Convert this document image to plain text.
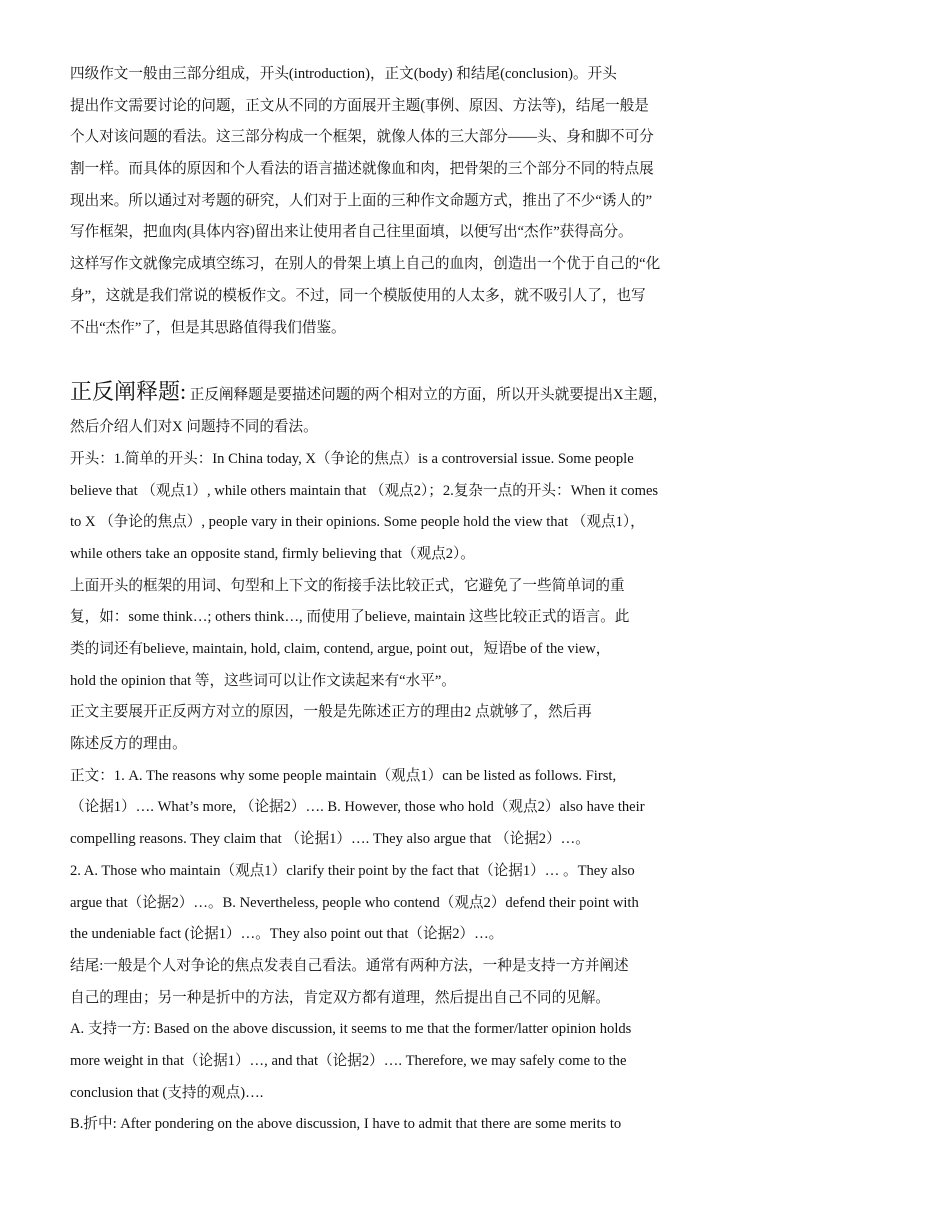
四级作文一般由三部分组成，开头(introduction)，正文(body) 和结尾(conclusion)。开头
提出作文需要讨论的问题，正文从不同的方面展开主题(事例、原因、方法等)，结尾一般是
个人对该问题的看法。这三部分构成一个框架，就像人体的三大部分——头、身和脚不可分
割一样。而具体的原因和个人看法的语言描述就像血和肉，把骨架的三个部分不同的特点展
现出来。所以通过对考题的研究，人们对于上面的三种作文命题方式，推出了不少“诱人的”
写作框架，把血肉(具体内容)留出来让使用者自己往里面填，以便写出“杰作”获得高分。
这样写作文就像完成填空练习，在别人的骨架上填上自己的血肉，创造出一个优于自己的“化
身”，这就是我们常说的模板作文。不过，同一个模版使用的人太多，就不吸引人了，也写
不出“杰作”了，但是其思路值得我们借鉴。
正反阐释题: 正反阐释题是要描述问题的两个相对立的方面，所以开头就要提出X主题，
然后介绍人们对X 问题持不同的看法。
开头：1.简单的开头：In China today, X（争论的焦点）is a controversial issue. Some people
believe that （观点1）, while others maintain that （观点2）；2.复杂一点的开头：When it comes
to X （争论的焦点）, people vary in their opinions. Some people hold the view that （观点1），
while others take an opposite stand, firmly believing that（观点2）。
上面开头的框架的用词、句型和上下文的衔接手法比较正式，它避免了一些简单词的重
复，如：some think…; others think…, 而使用了believe, maintain 这些比较正式的语言。此
类的词还有believe, maintain, hold, claim, contend, argue, point out，短语be of the view，
hold the opinion that 等，这些词可以让作文读起来有“水平”。
正文主要展开正反两方对立的原因，一般是先陈述正方的理由2 点就够了，然后再
陈述反方的理由。
正文：1. A. The reasons why some people maintain（观点1）can be listed as follows. First,
（论据1）…. What’s more, （论据2）…. B. However, those who hold（观点2）also have their
compelling reasons. They claim that （论据1）…. They also argue that （论据2）…。
2. A. Those who maintain（观点1）clarify their point by the fact that（论据1）… 。They also
argue that（论据2）…。B. Nevertheless, people who contend（观点2）defend their point with
the undeniable fact (论据1）…。They also point out that（论据2）…。
结尾:一般是个人对争论的焦点发表自己看法。通常有两种方法，一种是支持一方并阐述
自己的理由；另一种是折中的方法，肯定双方都有道理，然后提出自己不同的见解。
A. 支持一方: Based on the above discussion, it seems to me that the former/latter opinion holds
more weight in that（论据1）…, and that（论据2）…. Therefore, we may safely come to the
conclusion that (支持的观点)….
B.折中: After pondering on the above discussion, I have to admit that there are some merits to
